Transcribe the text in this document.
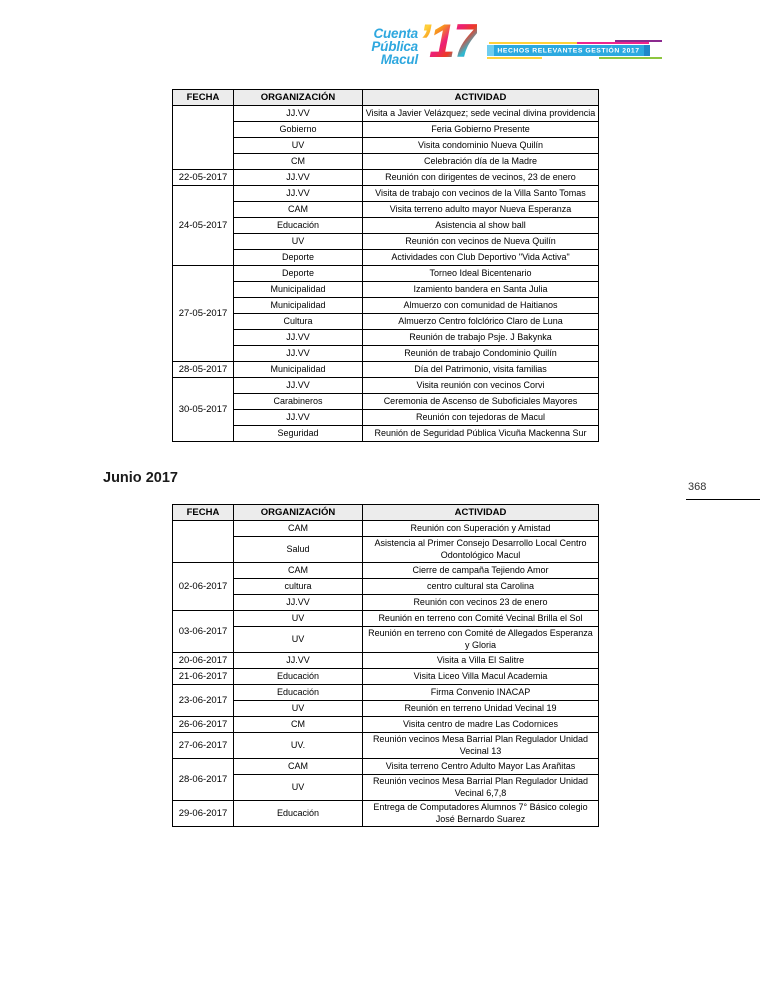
Cuenta
Pública
Macul ’17	HECHOS RELEVANTES GESTIÓN 2017
FECHA	ORGANIZACIÓN	ACTIVIDAD
	JJ.VV	Visita a Javier Velázquez; sede vecinal divina providencia
	Gobierno	Feria Gobierno Presente
	UV	Visita condominio Nueva Quilín
	CM	Celebración día de la Madre
22-05-2017	JJ.VV	Reunión con dirigentes de vecinos, 23 de enero
24-05-2017	JJ.VV	Visita de trabajo con vecinos de la Villa Santo Tomas
	CAM	Visita terreno adulto mayor Nueva Esperanza
	Educación	Asistencia al show ball
	UV	Reunión con vecinos de Nueva Quilín
	Deporte	Actividades con Club Deportivo "Vida Activa"
27-05-2017	Deporte	Torneo Ideal Bicentenario
	Municipalidad	Izamiento bandera en Santa Julia
	Municipalidad	Almuerzo con comunidad de Haitianos
	Cultura	Almuerzo Centro folclórico Claro de Luna
	JJ.VV	Reunión de trabajo Psje. J Bakynka
	JJ.VV	Reunión de trabajo Condominio Quilín
28-05-2017	Municipalidad	Día del Patrimonio, visita familias
30-05-2017	JJ.VV	Visita reunión con vecinos Corvi
	Carabineros	Ceremonia de Ascenso de Suboficiales Mayores
	JJ.VV	Reunión con tejedoras de Macul
	Seguridad	Reunión de Seguridad Pública Vicuña Mackenna Sur
Junio 2017
368
FECHA	ORGANIZACIÓN	ACTIVIDAD
	CAM	Reunión con Superación y Amistad
	Salud	Asistencia al Primer Consejo Desarrollo Local Centro Odontológico Macul
02-06-2017	CAM	Cierre de campaña Tejiendo Amor
	cultura	centro cultural sta Carolina
	JJ.VV	Reunión con vecinos 23 de enero
03-06-2017	UV	Reunión en terreno con Comité Vecinal Brilla el Sol
	UV	Reunión en terreno con Comité de Allegados Esperanza y Gloria
20-06-2017	JJ.VV	Visita a Villa El Salitre
21-06-2017	Educación	Visita Liceo Villa Macul Academia
23-06-2017	Educación	Firma Convenio INACAP
	UV	Reunión en terreno Unidad Vecinal 19
26-06-2017	CM	Visita centro de madre Las Codornices
27-06-2017	UV.	Reunión vecinos Mesa Barrial Plan Regulador Unidad Vecinal 13
28-06-2017	CAM	Visita terreno Centro Adulto Mayor Las Arañitas
	UV	Reunión vecinos Mesa Barrial Plan Regulador Unidad Vecinal 6,7,8
29-06-2017	Educación	Entrega de Computadores Alumnos 7° Básico colegio José Bernardo Suarez
